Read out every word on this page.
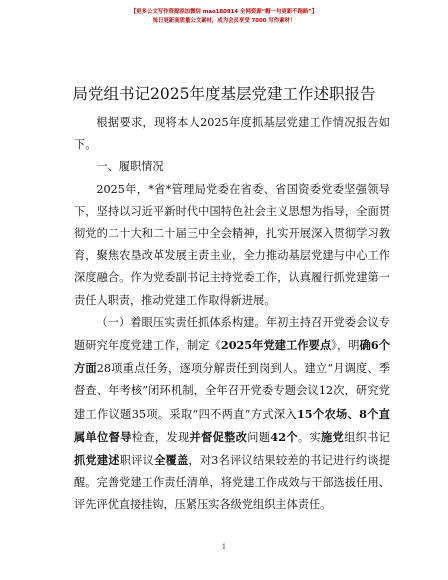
【更多公文写作资源添加微信 mao180914 全网资源“帽一句更新不跑路”】
每日更新高质量公文素材，成为会员享受 7000 写作素材！
局党组书记2025年度基层党建工作述职报告

根据要求，现将本人2025年度抓基层党建工作情况报告如下。

一、履职情况

2025年，*省*管理局党委在省委、省国资委党委坚强领导下，坚持以习近平新时代中国特色社会主义思想为指导，全面贯彻党的二十大和二十届三中全会精神，扎实开展深入贯彻学习教育，聚焦农垦改革发展主责主业，全力推动基层党建与中心工作深度融合。作为党委副书记主持党委工作，认真履行抓党建第一责任人职责，推动党建工作取得新进展。

（一）着眼压实责任抓体系构建。年初主持召开党委会议专题研究年度党建工作，制定《2025年党建工作要点》，明确6个方面28项重点任务，逐项分解责任到岗到人。建立“月调度、季督查、年考核”闭环机制，全年召开党委专题会议12次，研究党建工作议题35项。采取“四不两直”方式深入15个农场、8个直属单位督导检查，发现并督促整改问题42个。实施党组织书记抓党建述职评议全覆盖，对3名评议结果较差的书记进行约谈提醒。完善党建工作责任清单，将党建工作成效与干部选拔任用、评先评优直接挂钩，压紧压实各级党组织主体责任。

1
